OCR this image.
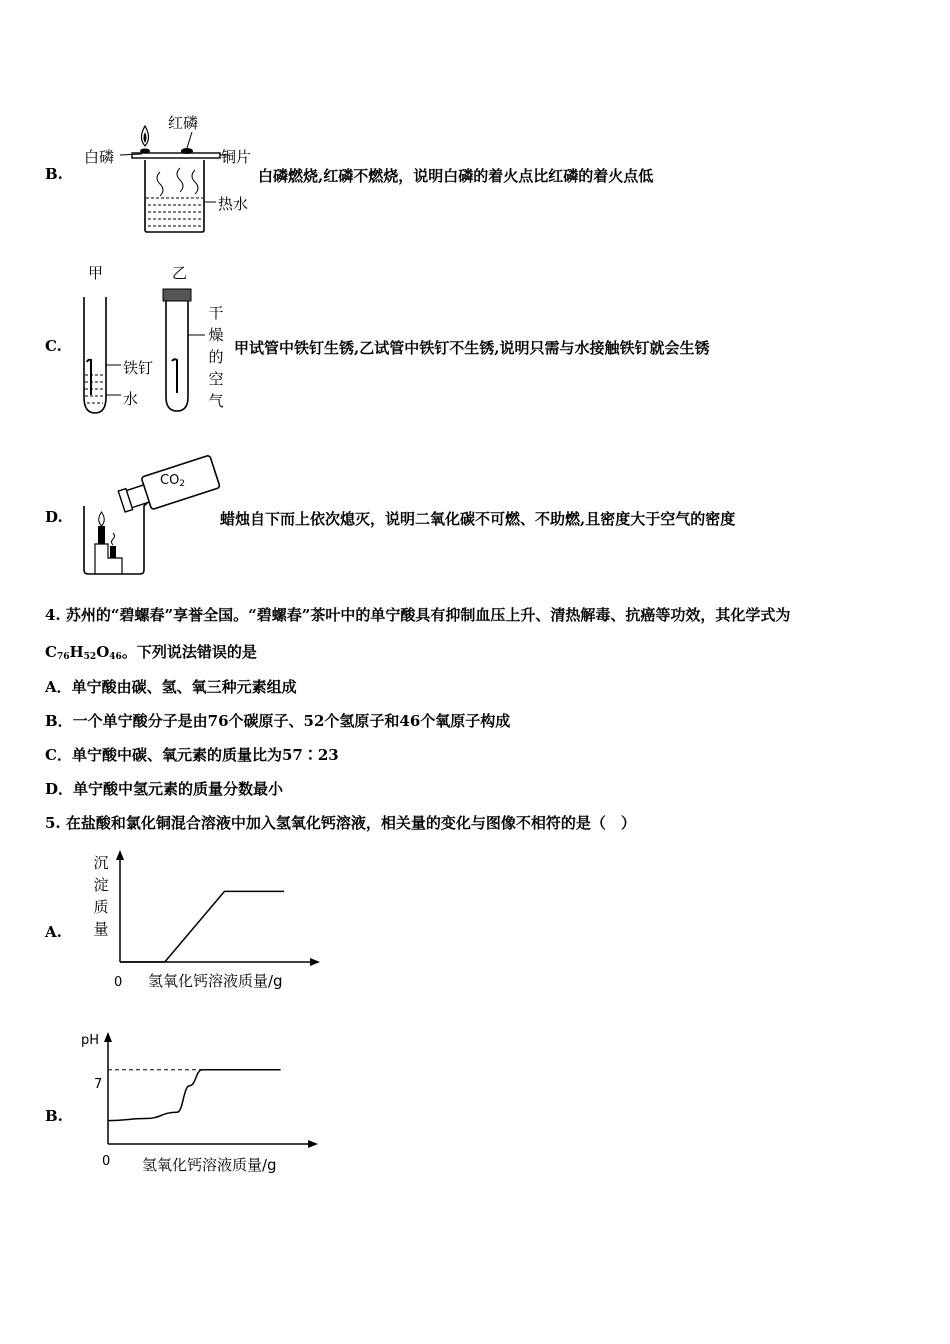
B.
红磷
白磷	铜片
热水
白磷燃烧,红磷不燃烧，说明白磷的着火点比红磷的着火点低
C.
甲	乙
铁钉
水
干燥的空气
甲试管中铁钉生锈,乙试管中铁钉不生锈,说明只需与水接触铁钉就会生锈
D.
$CO_2$
蜡烛自下而上依次熄灭，说明二氧化碳不可燃、不助燃,且密度大于空气的密度
4. 苏州的“碧螺春”享誉全国。“碧螺春”茶叶中的单宁酸具有抑制血压上升、清热解毒、抗癌等功效，其化学式为
$C_{76}H_{52}O_{46}$。下列说法错误的是
A．单宁酸由碳、氢、氧三种元素组成
B．一个单宁酸分子是由76个碳原子、52个氢原子和46个氧原子构成
C．单宁酸中碳、氧元素的质量比为57∶23
D．单宁酸中氢元素的质量分数最小
5. 在盐酸和氯化铜混合溶液中加入氢氧化钙溶液，相关量的变化与图像不相符的是（　）
A.
沉淀质量
0 氢氧化钙溶液质量/g
B.
pH
7
0 氢氧化钙溶液质量/g
